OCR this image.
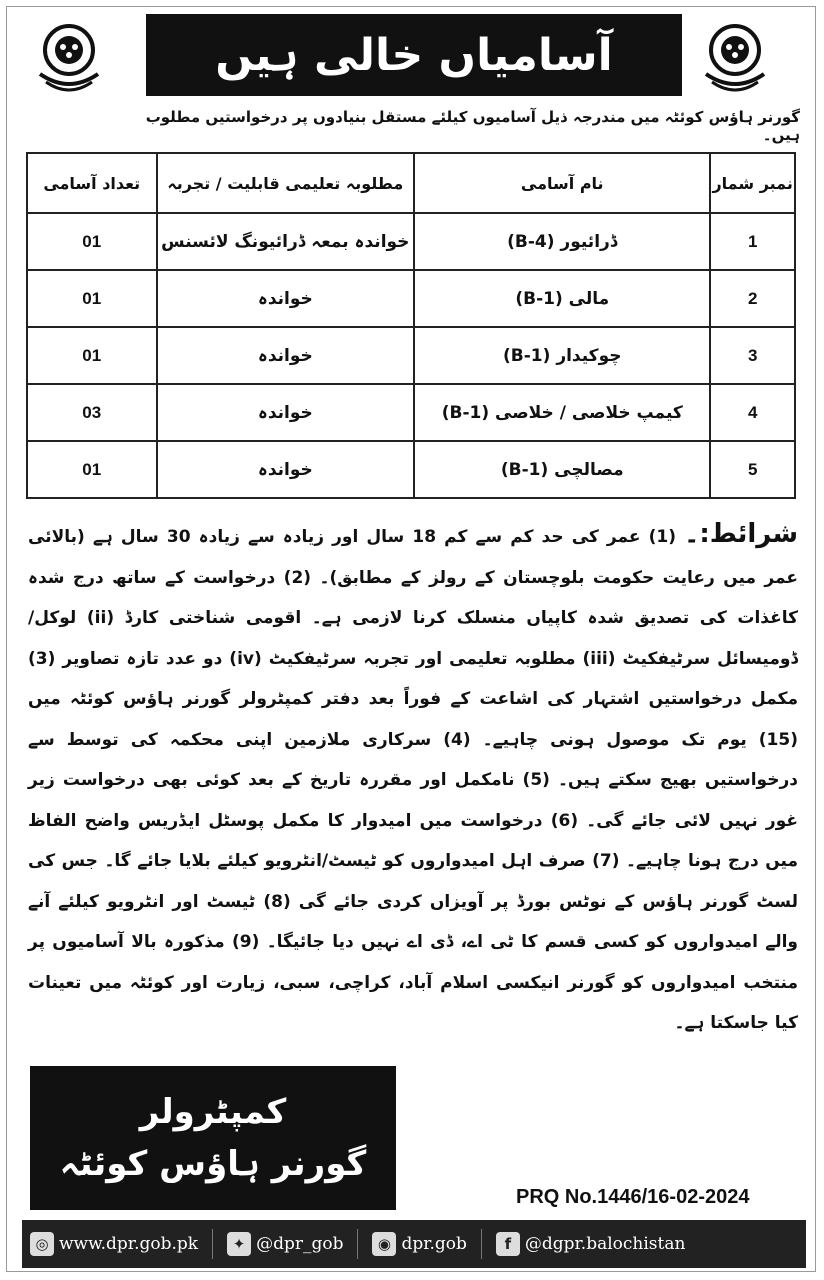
آسامیاں خالی ہیں
گورنر ہاؤس کوئٹہ میں مندرجہ ذیل آسامیوں کیلئے مستقل بنیادوں پر درخواستیں مطلوب ہیں۔
نمبر شمار	نام آسامی	مطلوبہ تعلیمی قابلیت / تجربہ	تعداد آسامی
1	ڈرائیور (B-4)	خواندہ بمعہ ڈرائیونگ لائسنس	01
2	مالی (B-1)	خواندہ	01
3	چوکیدار (B-1)	خواندہ	01
4	کیمپ خلاصی / خلاصی (B-1)	خواندہ	03
5	مصالچی (B-1)	خواندہ	01
شرائط:۔ (1) عمر کی حد کم سے کم 18 سال اور زیادہ سے زیادہ 30 سال ہے (بالائی عمر میں رعایت حکومت بلوچستان کے رولز کے مطابق)۔ (2) درخواست کے ساتھ درج شدہ کاغذات کی تصدیق شدہ کاپیاں منسلک کرنا لازمی ہے۔ اقومی شناختی کارڈ (ii) لوکل/ڈومیسائل سرٹیفکیٹ (iii) مطلوبہ تعلیمی اور تجربہ سرٹیفکیٹ (iv) دو عدد تازہ تصاویر (3) مکمل درخواستیں اشتہار کی اشاعت کے فوراً بعد دفتر کمپٹرولر گورنر ہاؤس کوئٹہ میں (15) یوم تک موصول ہونی چاہیے۔ (4) سرکاری ملازمین اپنی محکمہ کی توسط سے درخواستیں بھیج سکتے ہیں۔ (5) نامکمل اور مقررہ تاریخ کے بعد کوئی بھی درخواست زیر غور نہیں لائی جائے گی۔ (6) درخواست میں امیدوار کا مکمل پوسٹل ایڈریس واضح الفاظ میں درج ہونا چاہیے۔ (7) صرف اہل امیدواروں کو ٹیسٹ/انٹرویو کیلئے بلایا جائے گا۔ جس کی لسٹ گورنر ہاؤس کے نوٹس بورڈ پر آویزاں کردی جائے گی (8) ٹیسٹ اور انٹرویو کیلئے آنے والے امیدواروں کو کسی قسم کا ٹی اے، ڈی اے نہیں دیا جائیگا۔ (9) مذکورہ بالا آسامیوں پر منتخب امیدواروں کو گورنر انیکسی اسلام آباد، کراچی، سبی، زیارت اور کوئٹہ میں تعینات کیا جاسکتا ہے۔
کمپٹرولر
گورنر ہاؤس کوئٹہ
PRQ No.1446/16-02-2024
◎ www.dpr.gob.pk	✦ @dpr_gob	◉ dpr.gob	f @dgpr.balochistan
